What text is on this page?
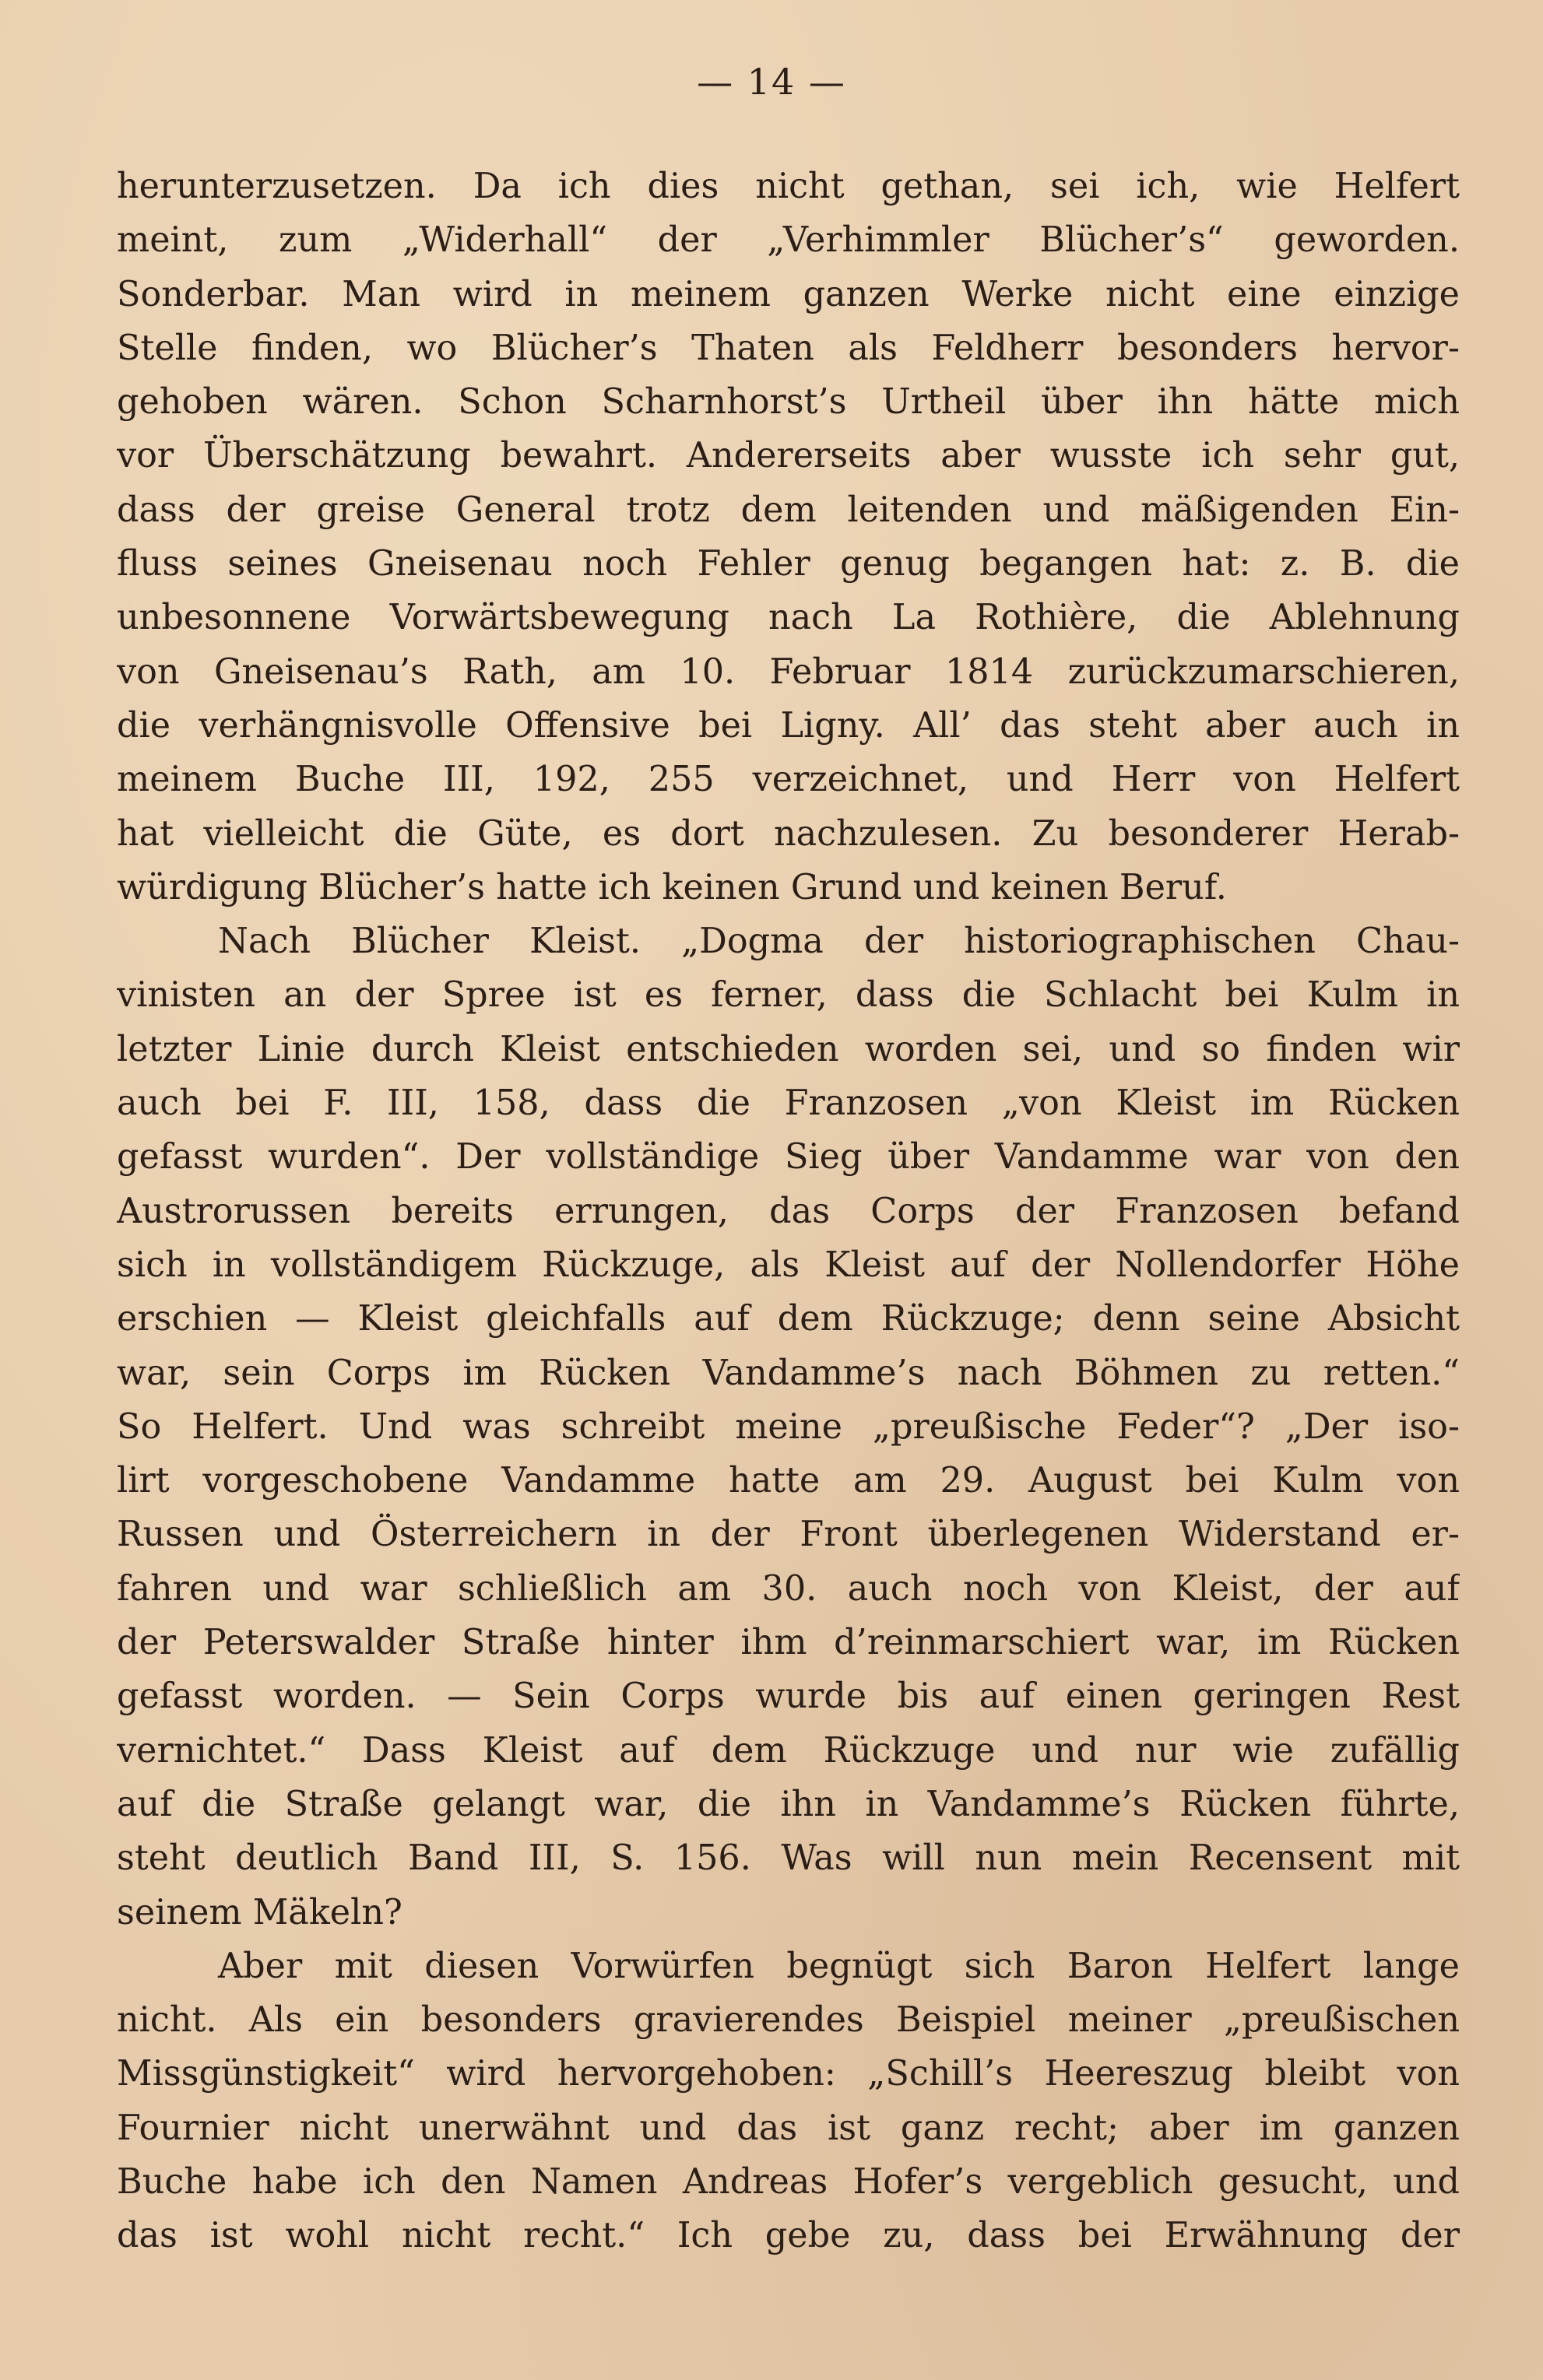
— 14 —
herunterzusetzen. Da ich dies nicht gethan, sei ich, wie Helfert
meint, zum „Widerhall“ der „Verhimmler Blücher’s“ geworden.
Sonderbar. Man wird in meinem ganzen Werke nicht eine einzige
Stelle finden, wo Blücher’s Thaten als Feldherr besonders hervor-
gehoben wären. Schon Scharnhorst’s Urtheil über ihn hätte mich
vor Überschätzung bewahrt. Andererseits aber wusste ich sehr gut,
dass der greise General trotz dem leitenden und mäßigenden Ein-
fluss seines Gneisenau noch Fehler genug begangen hat: z. B. die
unbesonnene Vorwärtsbewegung nach La Rothière, die Ablehnung
von Gneisenau’s Rath, am 10. Februar 1814 zurückzumarschieren,
die verhängnisvolle Offensive bei Ligny. All’ das steht aber auch in
meinem Buche III, 192, 255 verzeichnet, und Herr von Helfert
hat vielleicht die Güte, es dort nachzulesen. Zu besonderer Herab-
würdigung Blücher’s hatte ich keinen Grund und keinen Beruf.
Nach Blücher Kleist. „Dogma der historiographischen Chau-
vinisten an der Spree ist es ferner, dass die Schlacht bei Kulm in
letzter Linie durch Kleist entschieden worden sei, und so finden wir
auch bei F. III, 158, dass die Franzosen „von Kleist im Rücken
gefasst wurden“. Der vollständige Sieg über Vandamme war von den
Austrorussen bereits errungen, das Corps der Franzosen befand
sich in vollständigem Rückzuge, als Kleist auf der Nollendorfer Höhe
erschien — Kleist gleichfalls auf dem Rückzuge; denn seine Absicht
war, sein Corps im Rücken Vandamme’s nach Böhmen zu retten.“
So Helfert. Und was schreibt meine „preußische Feder“? „Der iso-
lirt vorgeschobene Vandamme hatte am 29. August bei Kulm von
Russen und Österreichern in der Front überlegenen Widerstand er-
fahren und war schließlich am 30. auch noch von Kleist, der auf
der Peterswalder Straße hinter ihm d’reinmarschiert war, im Rücken
gefasst worden. — Sein Corps wurde bis auf einen geringen Rest
vernichtet.“ Dass Kleist auf dem Rückzuge und nur wie zufällig
auf die Straße gelangt war, die ihn in Vandamme’s Rücken führte,
steht deutlich Band III, S. 156. Was will nun mein Recensent mit
seinem Mäkeln?
Aber mit diesen Vorwürfen begnügt sich Baron Helfert lange
nicht. Als ein besonders gravierendes Beispiel meiner „preußischen
Missgünstigkeit“ wird hervorgehoben: „Schill’s Heereszug bleibt von
Fournier nicht unerwähnt und das ist ganz recht; aber im ganzen
Buche habe ich den Namen Andreas Hofer’s vergeblich gesucht, und
das ist wohl nicht recht.“ Ich gebe zu, dass bei Erwähnung der
